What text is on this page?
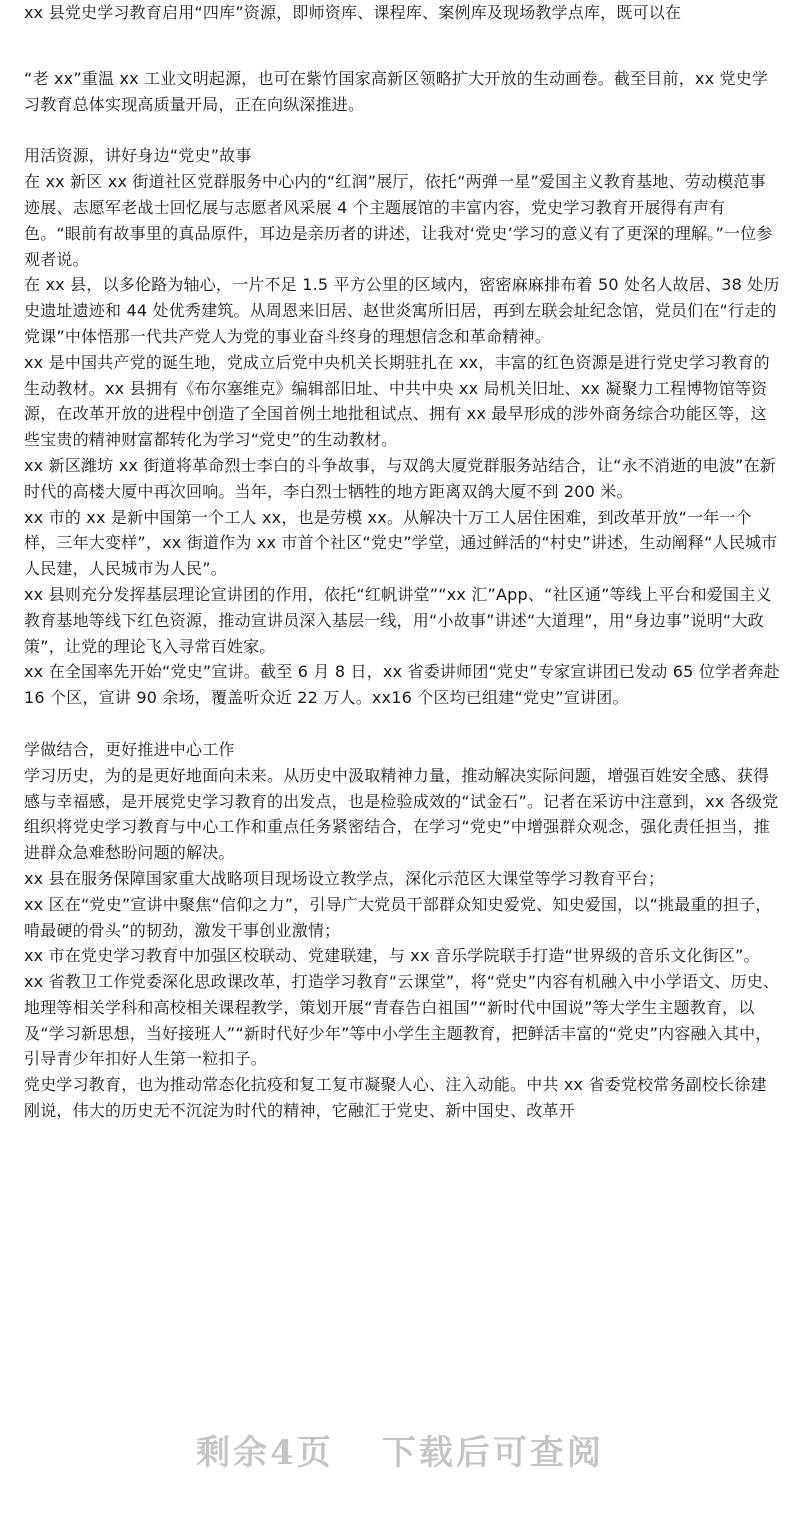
xx 县党史学习教育启用“四库”资源，即师资库、课程库、案例库及现场教学点库，既可以在

“老 xx”重温 xx 工业文明起源，也可在紫竹国家高新区领略扩大开放的生动画卷。截至目前，xx 党史学习教育总体实现高质量开局，正在向纵深推进。

用活资源，讲好身边“党史”故事

在 xx 新区 xx 街道社区党群服务中心内的“红润”展厅，依托“两弹一星”爱国主义教育基地、劳动模范事迹展、志愿军老战士回忆展与志愿者风采展 4 个主题展馆的丰富内容，党史学习教育开展得有声有色。“眼前有故事里的真品原件，耳边是亲历者的讲述，让我对‘党史’学习的意义有了更深的理解。”一位参观者说。

在 xx 县，以多伦路为轴心，一片不足 1.5 平方公里的区域内，密密麻麻排布着 50 处名人故居、38 处历史遗址遗迹和 44 处优秀建筑。从周恩来旧居、赵世炎寓所旧居，再到左联会址纪念馆，党员们在“行走的党课”中体悟那一代共产党人为党的事业奋斗终身的理想信念和革命精神。

xx 是中国共产党的诞生地，党成立后党中央机关长期驻扎在 xx，丰富的红色资源是进行党史学习教育的生动教材。xx 县拥有《布尔塞维克》编辑部旧址、中共中央 xx 局机关旧址、xx 凝聚力工程博物馆等资源，在改革开放的进程中创造了全国首例土地批租试点、拥有 xx 最早形成的涉外商务综合功能区等，这些宝贵的精神财富都转化为学习“党史”的生动教材。

xx 新区潍坊 xx 街道将革命烈士李白的斗争故事，与双鸽大厦党群服务站结合，让“永不消逝的电波”在新时代的高楼大厦中再次回响。当年，李白烈士牺牲的地方距离双鸽大厦不到 200 米。

xx 市的 xx 是新中国第一个工人 xx，也是劳模 xx。从解决十万工人居住困难，到改革开放“一年一个样，三年大变样”，xx 街道作为 xx 市首个社区“党史”学堂，通过鲜活的“村史”讲述，生动阐释“人民城市人民建，人民城市为人民”。

xx 县则充分发挥基层理论宣讲团的作用，依托“红帆讲堂”“xx 汇”App、“社区通”等线上平台和爱国主义教育基地等线下红色资源，推动宣讲员深入基层一线，用“小故事”讲述“大道理”，用“身边事”说明“大政策”，让党的理论飞入寻常百姓家。

xx 在全国率先开始“党史”宣讲。截至 6 月 8 日，xx 省委讲师团“党史”专家宣讲团已发动 65 位学者奔赴 16 个区，宣讲 90 余场，覆盖听众近 22 万人。xx16 个区均已组建“党史”宣讲团。

学做结合，更好推进中心工作

学习历史，为的是更好地面向未来。从历史中汲取精神力量，推动解决实际问题，增强百姓安全感、获得感与幸福感，是开展党史学习教育的出发点，也是检验成效的“试金石”。记者在采访中注意到，xx 各级党组织将党史学习教育与中心工作和重点任务紧密结合，在学习“党史”中增强群众观念，强化责任担当，推进群众急难愁盼问题的解决。

xx 县在服务保障国家重大战略项目现场设立教学点，深化示范区大课堂等学习教育平台；

xx 区在“党史”宣讲中聚焦“信仰之力”，引导广大党员干部群众知史爱党、知史爱国，以“挑最重的担子，啃最硬的骨头”的韧劲，激发干事创业激情；

xx 市在党史学习教育中加强区校联动、党建联建，与 xx 音乐学院联手打造“世界级的音乐文化街区”。

xx 省教卫工作党委深化思政课改革，打造学习教育“云课堂”，将“党史”内容有机融入中小学语文、历史、地理等相关学科和高校相关课程教学，策划开展“青春告白祖国”“新时代中国说”等大学生主题教育，以及“学习新思想，当好接班人”“新时代好少年”等中小学生主题教育，把鲜活丰富的“党史”内容融入其中，引导青少年扣好人生第一粒扣子。

党史学习教育，也为推动常态化抗疫和复工复市凝聚人心、注入动能。中共 xx 省委党校常务副校长徐建刚说，伟大的历史无不沉淀为时代的精神，它融汇于党史、新中国史、改革开

剩余4页 下载后可查阅
